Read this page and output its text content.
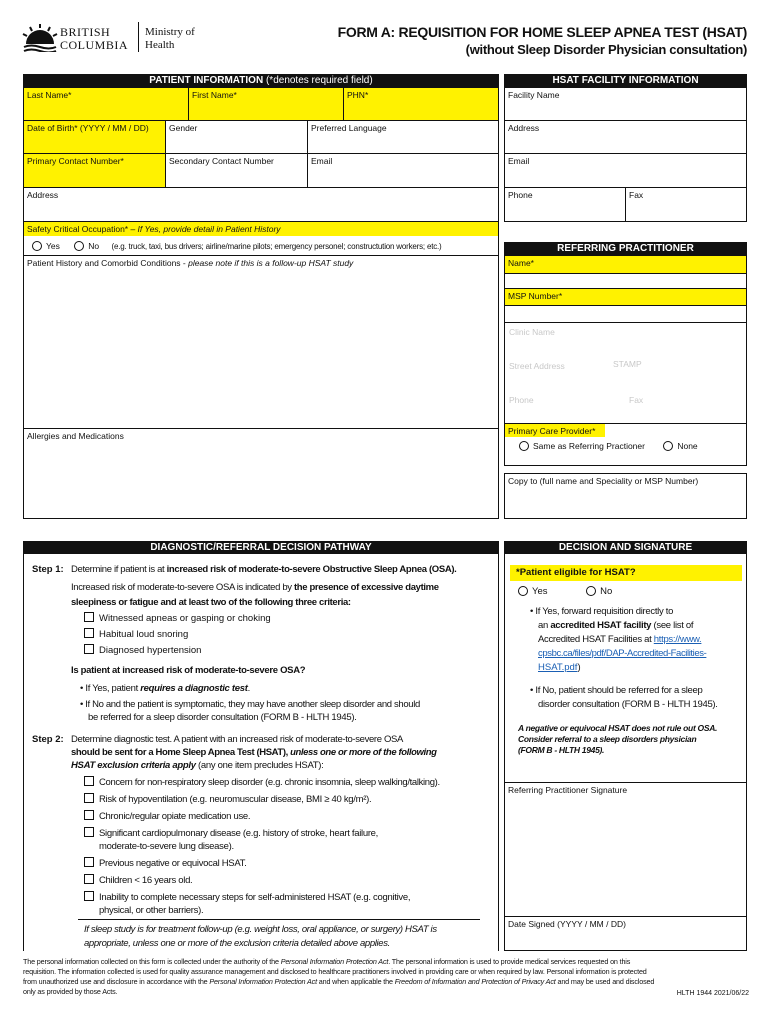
BRITISH
COLUMBIA
Ministry of
Health
FORM A: REQUISITION FOR HOME SLEEP APNEA TEST (HSAT)
(without Sleep Disorder Physician consultation)
PATIENT INFORMATION (*denotes required field)
Last Name*	First Name*	PHN*
Date of Birth* (YYYY / MM / DD)	Gender	Preferred Language
Primary Contact Number*	Secondary Contact Number	Email
Address
Safety Critical Occupation* – If Yes, provide detail in Patient History
Yes	No (e.g. truck, taxi, bus drivers; airline/marine pilots; emergency personel; constructution workers; etc.)
Patient History and Comorbid Conditions - please note if this is a follow-up HSAT study
Allergies and Medications
HSAT FACILITY INFORMATION
Facility Name
Address
Email
Phone	Fax
REFERRING PRACTITIONER
Name*
MSP Number*
Clinic Name
Street Address	STAMP
Phone	Fax
Primary Care Provider*
Same as Referring Practioner	None
Copy to (full name and Speciality or MSP Number)
DIAGNOSTIC/REFERRAL DECISION PATHWAY
Step 1: Determine if patient is at increased risk of moderate-to-severe Obstructive Sleep Apnea (OSA).
Increased risk of moderate-to-severe OSA is indicated by the presence of excessive daytime
sleepiness or fatigue and at least two of the following three criteria:
Witnessed apneas or gasping or choking
Habitual loud snoring
Diagnosed hypertension
Is patient at increased risk of moderate-to-severe OSA?
• If Yes, patient requires a diagnostic test.
• If No and the patient is symptomatic, they may have another sleep disorder and should
be referred for a sleep disorder consultation (FORM B - HLTH 1945).
Step 2: Determine diagnostic test. A patient with an increased risk of moderate-to-severe OSA
should be sent for a Home Sleep Apnea Test (HSAT), unless one or more of the following
HSAT exclusion criteria apply (any one item precludes HSAT):
Concern for non-respiratory sleep disorder (e.g. chronic insomnia, sleep walking/talking).
Risk of hypoventilation (e.g. neuromuscular disease, BMI ≥ 40 kg/m²).
Chronic/regular opiate medication use.
Significant cardiopulmonary disease (e.g. history of stroke, heart failure,
moderate-to-severe lung disease).
Previous negative or equivocal HSAT.
Children < 16 years old.
Inability to complete necessary steps for self-administered HSAT (e.g. cognitive,
physical, or other barriers).
If sleep study is for treatment follow-up (e.g. weight loss, oral appliance, or surgery) HSAT is
appropriate, unless one or more of the exclusion criteria detailed above applies.
DECISION AND SIGNATURE
*Patient eligible for HSAT?
Yes	No
• If Yes, forward requisition directly to
an accredited HSAT facility (see list of
Accredited HSAT Facilities at https://www.
cpsbc.ca/files/pdf/DAP-Accredited-Facilities-
HSAT.pdf)
• If No, patient should be referred for a sleep
disorder consultation (FORM B - HLTH 1945).
A negative or equivocal HSAT does not rule out OSA.
Consider referral to a sleep disorders physician
(FORM B - HLTH 1945).
Referring Practitioner Signature
Date Signed (YYYY / MM / DD)
The personal information collected on this form is collected under the authority of the Personal Information Protection Act. The personal information is used to provide medical services requested on this
requisition. The information collected is used for quality assurance management and disclosed to healthcare practitioners involved in providing care or when required by law. Personal information is protected
from unauthorized use and disclosure in accordance with the Personal Information Protection Act and when applicable the Freedom of Information and Protection of Privacy Act and may be used and disclosed
only as provided by those Acts.	HLTH 1944 2021/06/22
